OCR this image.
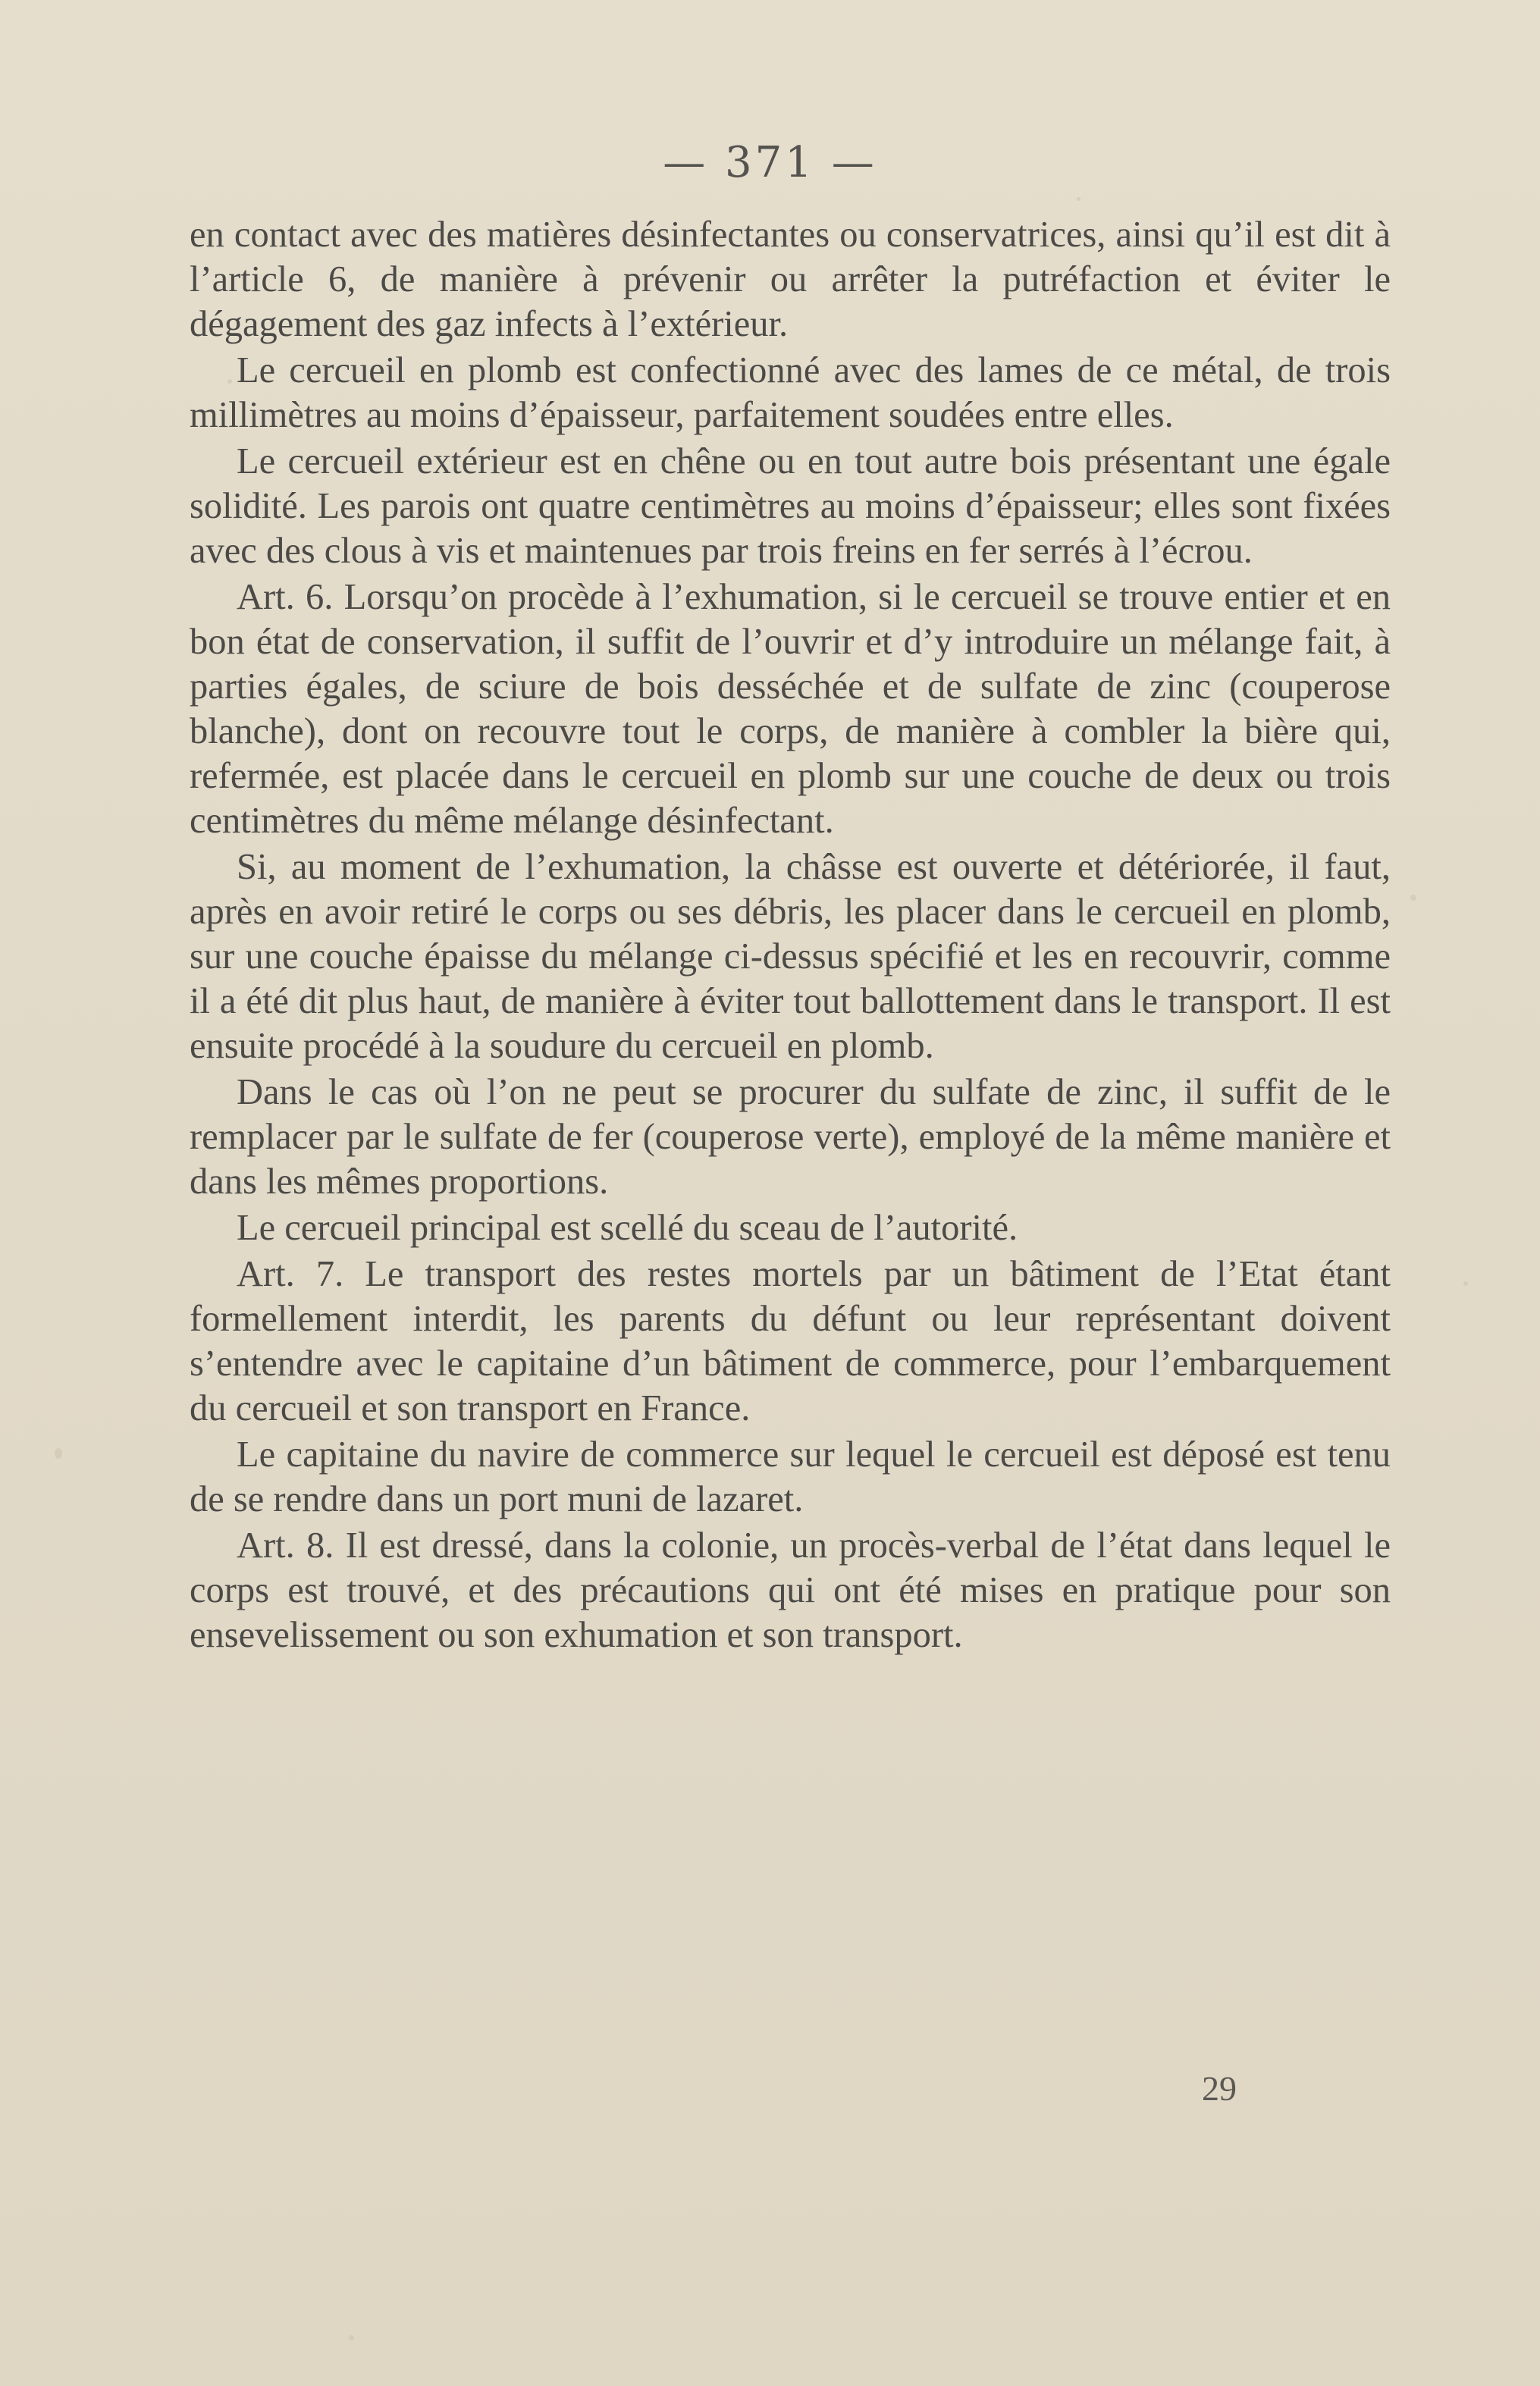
— 371 —

en contact avec des matières désinfectantes ou conservatrices, ainsi qu’il est dit à l’article 6, de manière à prévenir ou arrêter la putréfaction et éviter le dégagement des gaz infects à l’extérieur.

Le cercueil en plomb est confectionné avec des lames de ce métal, de trois millimètres au moins d’épaisseur, parfaitement soudées entre elles.

Le cercueil extérieur est en chêne ou en tout autre bois présentant une égale solidité. Les parois ont quatre centimètres au moins d’épaisseur; elles sont fixées avec des clous à vis et maintenues par trois freins en fer serrés à l’écrou.

Art. 6. Lorsqu’on procède à l’exhumation, si le cercueil se trouve entier et en bon état de conservation, il suffit de l’ouvrir et d’y introduire un mélange fait, à parties égales, de sciure de bois desséchée et de sulfate de zinc (couperose blanche), dont on recouvre tout le corps, de manière à combler la bière qui, refermée, est placée dans le cercueil en plomb sur une couche de deux ou trois centimètres du même mélange désinfectant.

Si, au moment de l’exhumation, la châsse est ouverte et détériorée, il faut, après en avoir retiré le corps ou ses débris, les placer dans le cercueil en plomb, sur une couche épaisse du mélange ci-dessus spécifié et les en recouvrir, comme il a été dit plus haut, de manière à éviter tout ballottement dans le transport. Il est ensuite procédé à la soudure du cercueil en plomb.

Dans le cas où l’on ne peut se procurer du sulfate de zinc, il suffit de le remplacer par le sulfate de fer (couperose verte), employé de la même manière et dans les mêmes proportions.

Le cercueil principal est scellé du sceau de l’autorité.

Art. 7. Le transport des restes mortels par un bâtiment de l’Etat étant formellement interdit, les parents du défunt ou leur représentant doivent s’entendre avec le capitaine d’un bâtiment de commerce, pour l’embarquement du cercueil et son transport en France.

Le capitaine du navire de commerce sur lequel le cercueil est déposé est tenu de se rendre dans un port muni de lazaret.

Art. 8. Il est dressé, dans la colonie, un procès-verbal de l’état dans lequel le corps est trouvé, et des précautions qui ont été mises en pratique pour son ensevelissement ou son exhumation et son transport.

29
